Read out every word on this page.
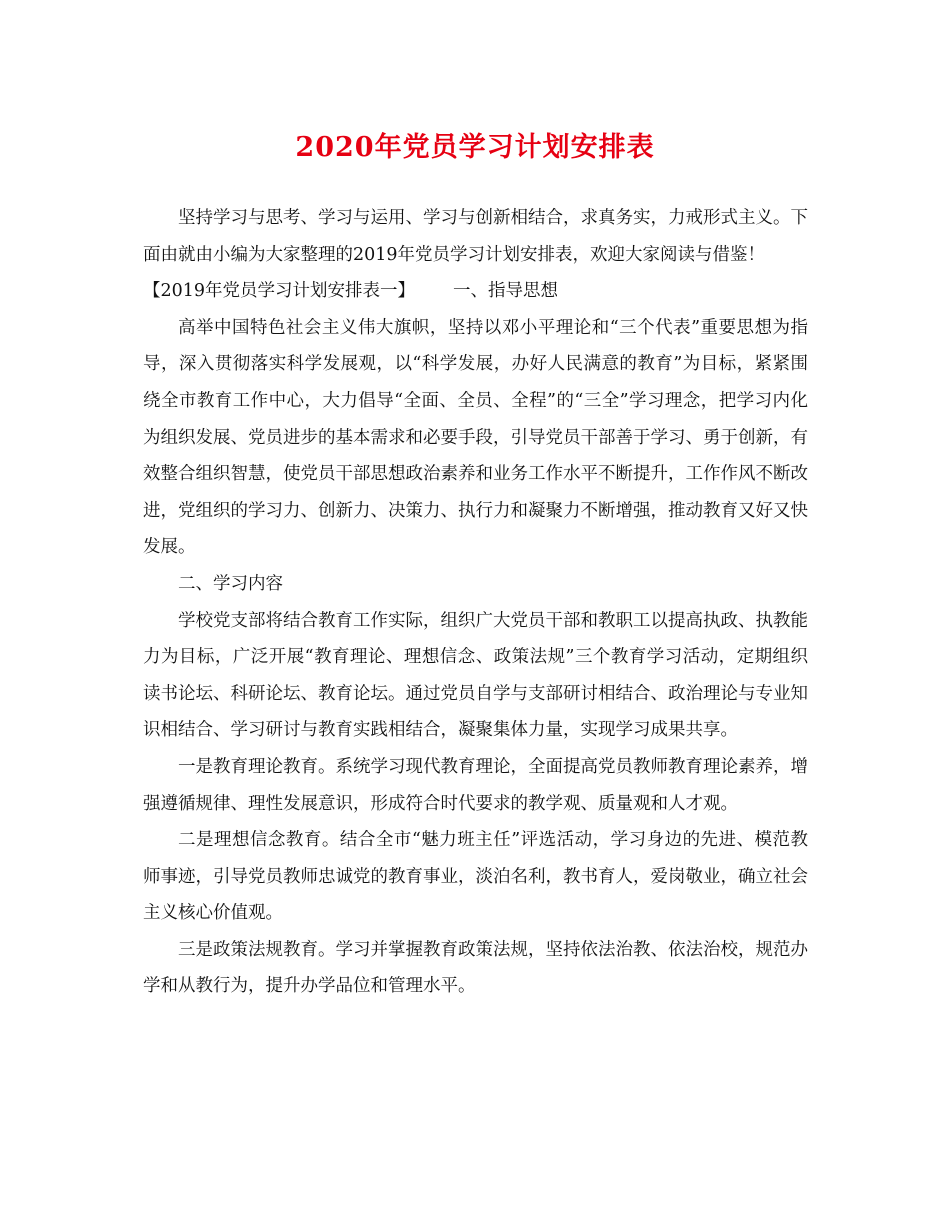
2020年党员学习计划安排表

坚持学习与思考、学习与运用、学习与创新相结合，求真务实，力戒形式主义。下面由就由小编为大家整理的2019年党员学习计划安排表，欢迎大家阅读与借鉴！

【2019年党员学习计划安排表一】 一、指导思想

高举中国特色社会主义伟大旗帜，坚持以邓小平理论和“三个代表”重要思想为指导，深入贯彻落实科学发展观，以“科学发展，办好人民满意的教育”为目标，紧紧围绕全市教育工作中心，大力倡导“全面、全员、全程”的“三全”学习理念，把学习内化为组织发展、党员进步的基本需求和必要手段，引导党员干部善于学习、勇于创新，有效整合组织智慧，使党员干部思想政治素养和业务工作水平不断提升，工作作风不断改进，党组织的学习力、创新力、决策力、执行力和凝聚力不断增强，推动教育又好又快发展。

二、学习内容

学校党支部将结合教育工作实际，组织广大党员干部和教职工以提高执政、执教能力为目标，广泛开展“教育理论、理想信念、政策法规”三个教育学习活动，定期组织读书论坛、科研论坛、教育论坛。通过党员自学与支部研讨相结合、政治理论与专业知识相结合、学习研讨与教育实践相结合，凝聚集体力量，实现学习成果共享。

一是教育理论教育。系统学习现代教育理论，全面提高党员教师教育理论素养，增强遵循规律、理性发展意识，形成符合时代要求的教学观、质量观和人才观。

二是理想信念教育。结合全市“魅力班主任”评选活动，学习身边的先进、模范教师事迹，引导党员教师忠诚党的教育事业，淡泊名利，教书育人，爱岗敬业，确立社会主义核心价值观。

三是政策法规教育。学习并掌握教育政策法规，坚持依法治教、依法治校，规范办学和从教行为，提升办学品位和管理水平。
